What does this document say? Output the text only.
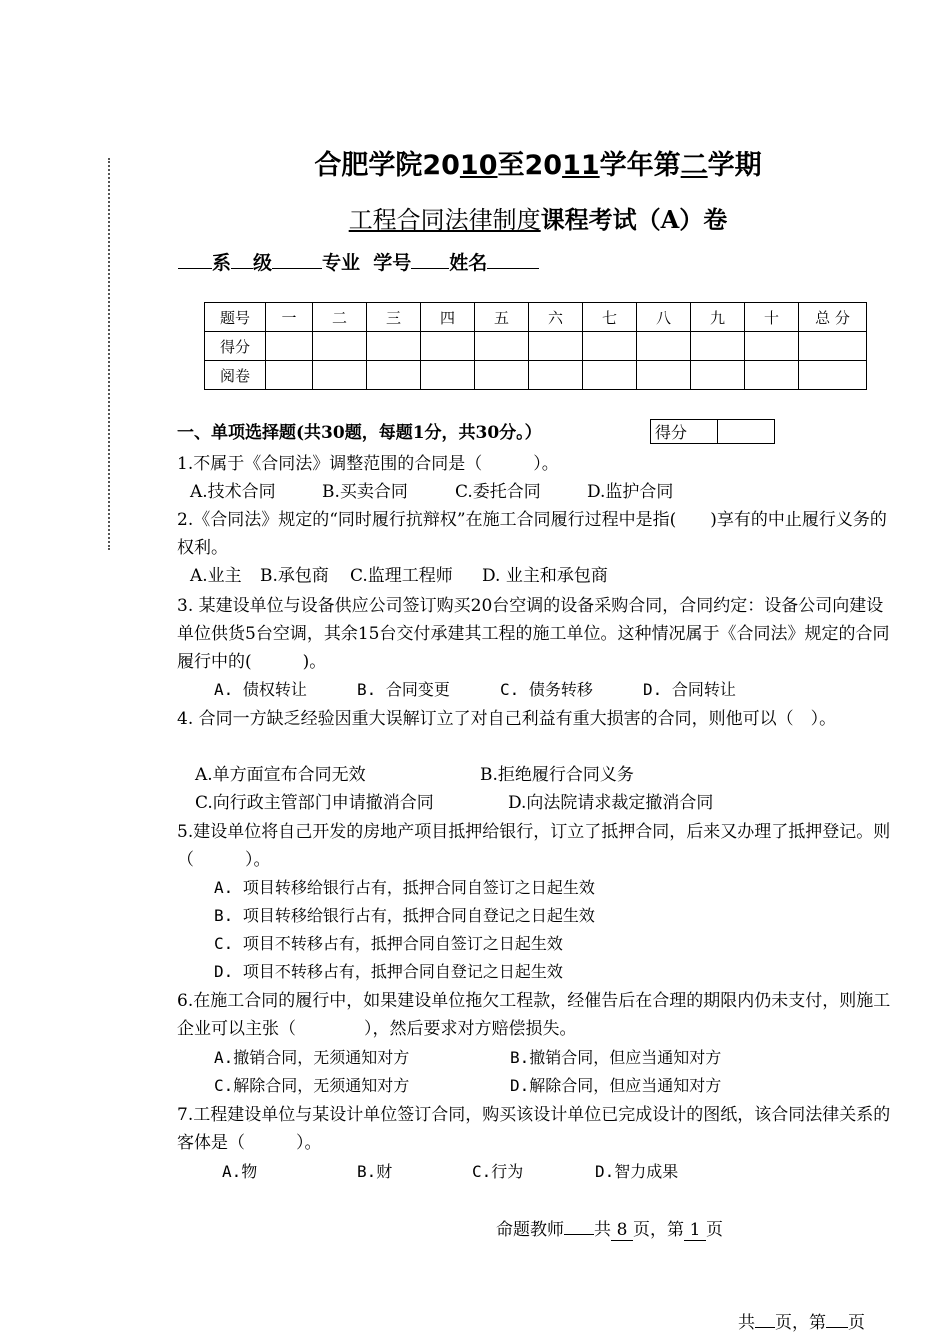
合肥学院2010至2011学年第二学期
工程合同法律制度课程考试（A）卷
系 级	专业 学号 姓名
题号	一	二	三	四	五	六	七	八	九	十	总 分
得分											
阅卷											
一、单项选择题(共30题，每题1分，共30分。）	得分	
1.不属于《合同法》调整范围的合同是（　　　）。
A.技术合同	B.买卖合同	C.委托合同	D.监护合同
2.《合同法》规定的“同时履行抗辩权”在施工合同履行过程中是指(　　)享有的中止履行义务的权利。
A.业主 B.承包商 C.监理工程师 D. 业主和承包商
3. 某建设单位与设备供应公司签订购买20台空调的设备采购合同，合同约定：设备公司向建设单位供货5台空调，其余15台交付承建其工程的施工单位。这种情况属于《合同法》规定的合同履行中的(　　　)。
A. 债权转让	B. 合同变更	C. 债务转移	D. 合同转让
4. 合同一方缺乏经验因重大误解订立了对自己利益有重大损害的合同，则他可以（　）。
A.单方面宣布合同无效	B.拒绝履行合同义务
C.向行政主管部门申请撤消合同	D.向法院请求裁定撤消合同
5.建设单位将自己开发的房地产项目抵押给银行，订立了抵押合同，后来又办理了抵押登记。则（　　　）。
A. 项目转移给银行占有，抵押合同自签订之日起生效
B. 项目转移给银行占有，抵押合同自登记之日起生效
C. 项目不转移占有，抵押合同自签订之日起生效
D. 项目不转移占有，抵押合同自登记之日起生效
6.在施工合同的履行中，如果建设单位拖欠工程款，经催告后在合理的期限内仍未支付，则施工企业可以主张（　　　　），然后要求对方赔偿损失。
A.撤销合同，无须通知对方	B.撤销合同，但应当通知对方
C.解除合同，无须通知对方	D.解除合同，但应当通知对方
7.工程建设单位与某设计单位签订合同，购买该设计单位已完成设计的图纸，该合同法律关系的客体是（　　　）。
A.物	B.财	C.行为	D.智力成果
命题教师 共 8 页，第 1 页
共 页，第 页
